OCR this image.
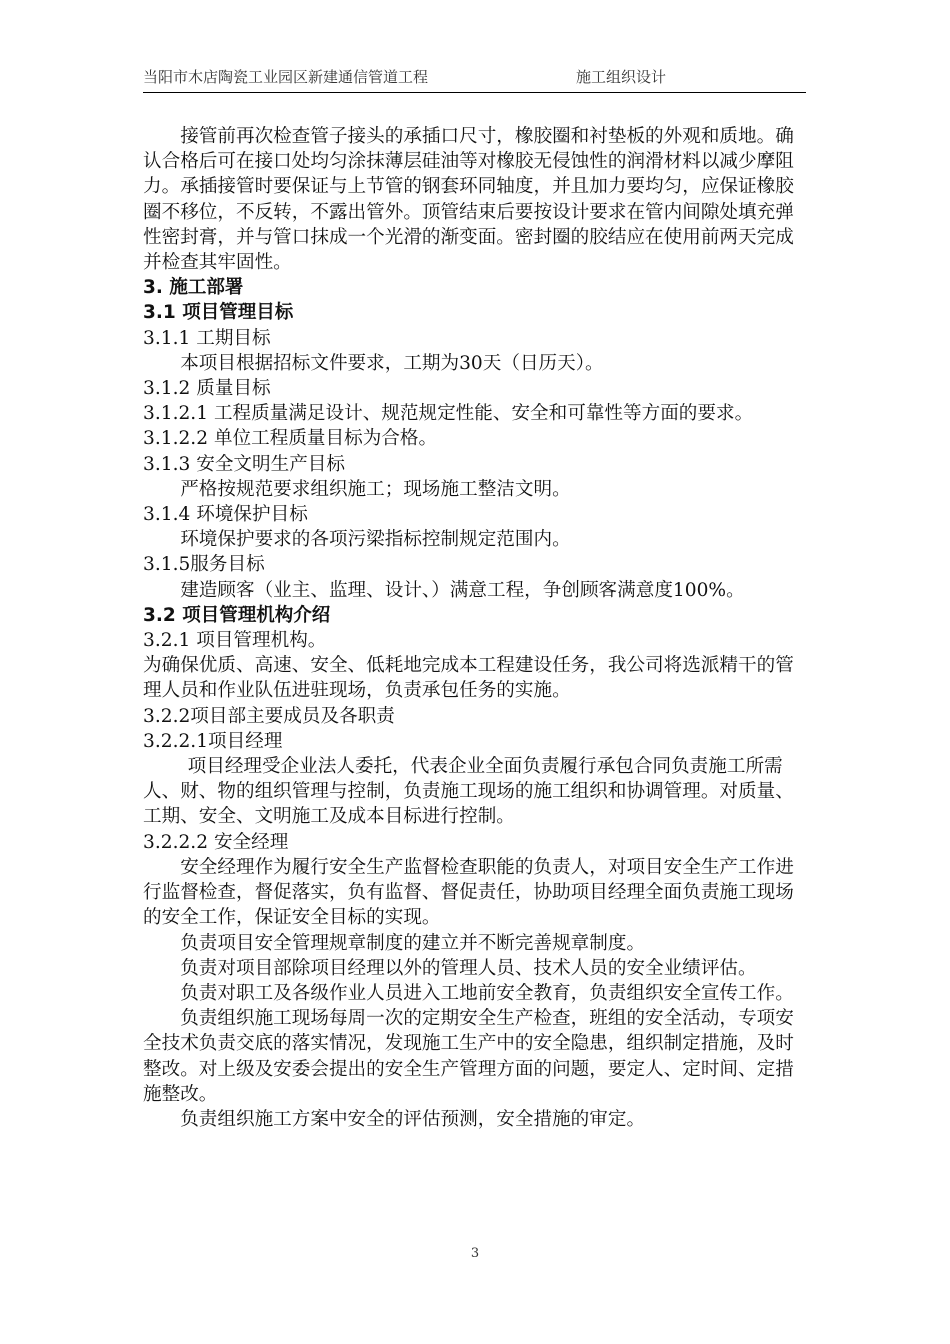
当阳市木店陶瓷工业园区新建通信管道工程	施工组织设计

接管前再次检查管子接头的承插口尺寸，橡胶圈和衬垫板的外观和质地。确认合格后可在接口处均匀涂抹薄层硅油等对橡胶无侵蚀性的润滑材料以减少摩阻力。承插接管时要保证与上节管的钢套环同轴度，并且加力要均匀，应保证橡胶圈不移位，不反转，不露出管外。顶管结束后要按设计要求在管内间隙处填充弹性密封膏，并与管口抹成一个光滑的渐变面。密封圈的胶结应在使用前两天完成并检查其牢固性。

3. 施工部署

3.1 项目管理目标

3.1.1 工期目标

本项目根据招标文件要求，工期为30天（日历天）。

3.1.2 质量目标

3.1.2.1 工程质量满足设计、规范规定性能、安全和可靠性等方面的要求。

3.1.2.2 单位工程质量目标为合格。

3.1.3 安全文明生产目标

严格按规范要求组织施工；现场施工整洁文明。

3.1.4 环境保护目标

环境保护要求的各项污梁指标控制规定范围内。

3.1.5服务目标

建造顾客（业主、监理、设计、）满意工程，争创顾客满意度100%。

3.2 项目管理机构介绍

3.2.1 项目管理机构。

为确保优质、高速、安全、低耗地完成本工程建设任务，我公司将选派精干的管理人员和作业队伍进驻现场，负责承包任务的实施。

3.2.2项目部主要成员及各职责

3.2.2.1项目经理

项目经理受企业法人委托，代表企业全面负责履行承包合同负责施工所需人、财、物的组织管理与控制，负责施工现场的施工组织和协调管理。对质量、工期、安全、文明施工及成本目标进行控制。

3.2.2.2 安全经理

安全经理作为履行安全生产监督检查职能的负责人，对项目安全生产工作进行监督检查，督促落实，负有监督、督促责任，协助项目经理全面负责施工现场的安全工作，保证安全目标的实现。

负责项目安全管理规章制度的建立并不断完善规章制度。

负责对项目部除项目经理以外的管理人员、技术人员的安全业绩评估。

负责对职工及各级作业人员进入工地前安全教育，负责组织安全宣传工作。

负责组织施工现场每周一次的定期安全生产检查，班组的安全活动，专项安全技术负责交底的落实情况，发现施工生产中的安全隐患，组织制定措施，及时整改。对上级及安委会提出的安全生产管理方面的问题，要定人、定时间、定措施整改。

负责组织施工方案中安全的评估预测，安全措施的审定。

3
